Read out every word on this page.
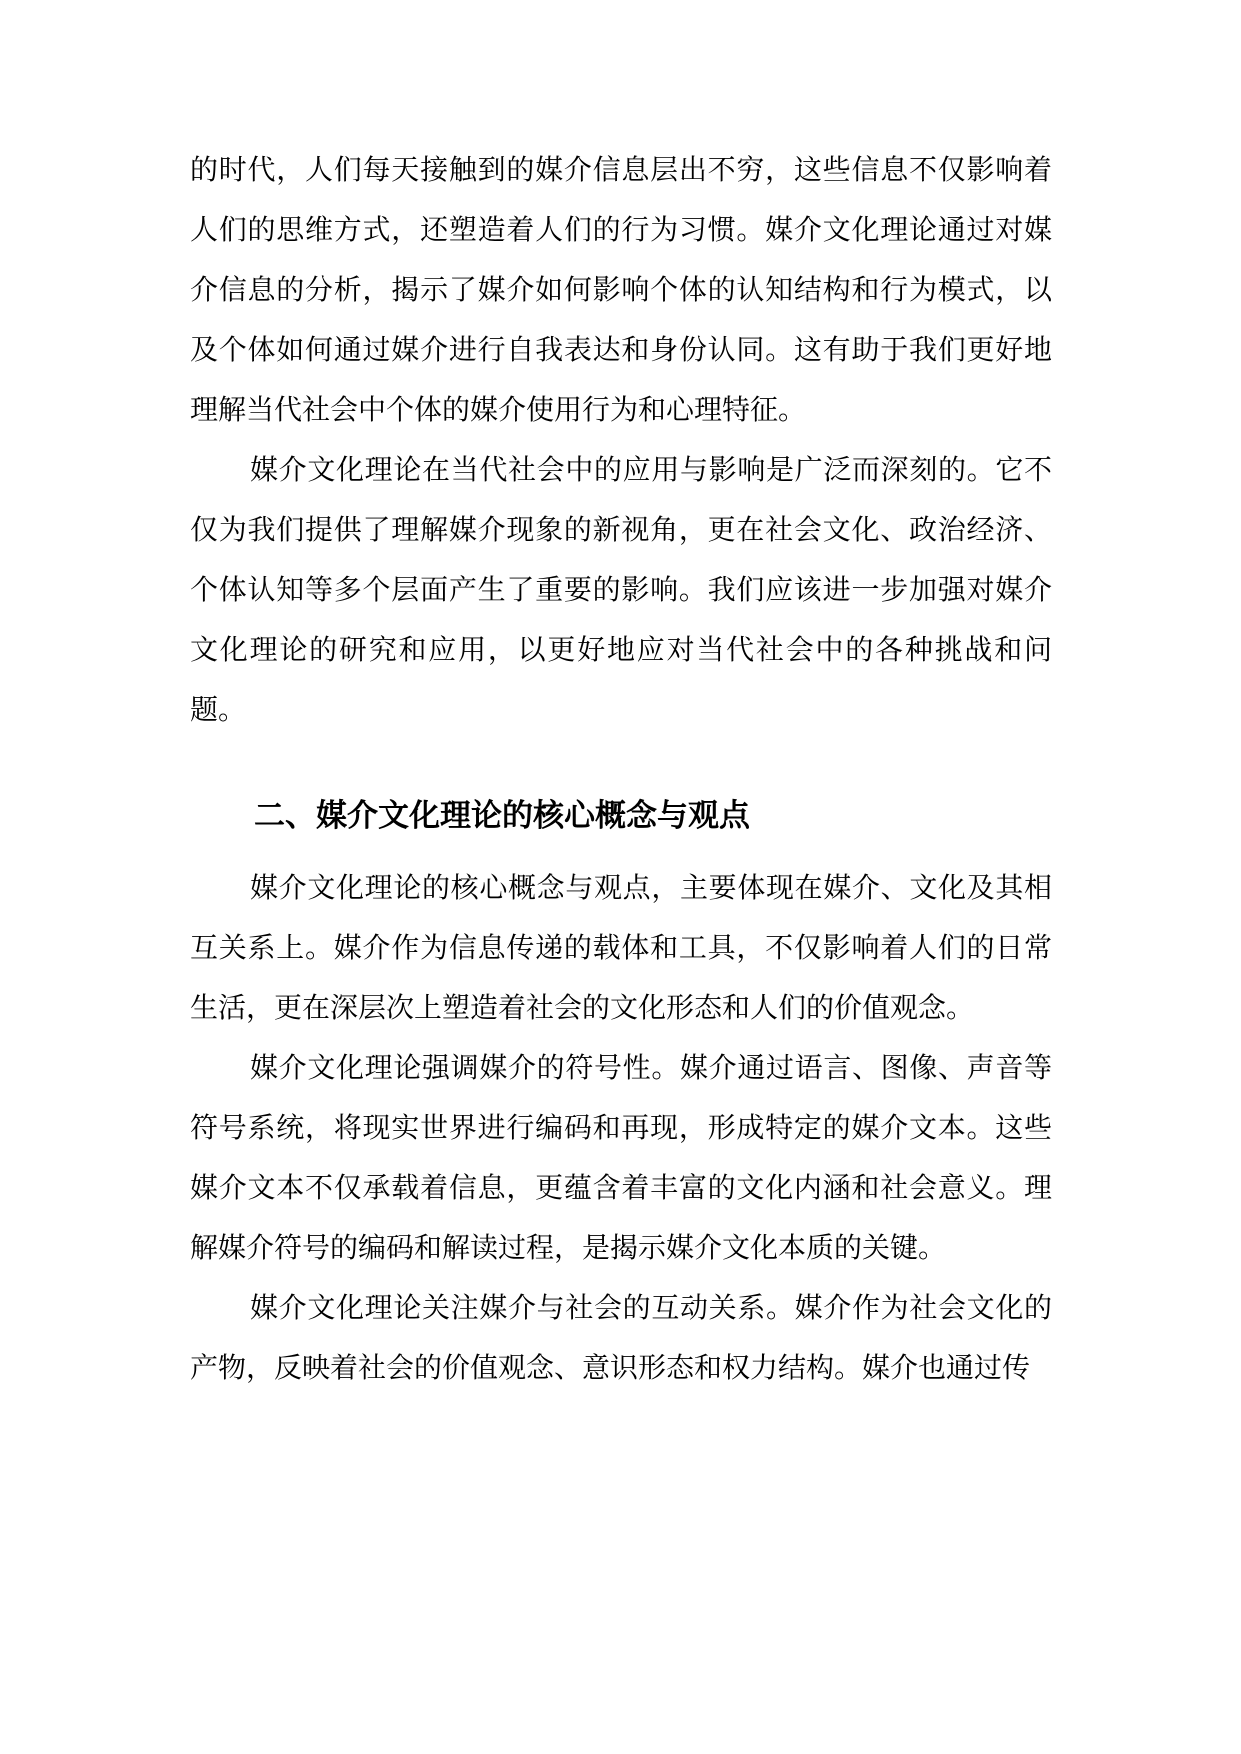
的时代，人们每天接触到的媒介信息层出不穷，这些信息不仅影响着人们的思维方式，还塑造着人们的行为习惯。媒介文化理论通过对媒介信息的分析，揭示了媒介如何影响个体的认知结构和行为模式，以及个体如何通过媒介进行自我表达和身份认同。这有助于我们更好地理解当代社会中个体的媒介使用行为和心理特征。

媒介文化理论在当代社会中的应用与影响是广泛而深刻的。它不仅为我们提供了理解媒介现象的新视角，更在社会文化、政治经济、个体认知等多个层面产生了重要的影响。我们应该进一步加强对媒介文化理论的研究和应用，以更好地应对当代社会中的各种挑战和问题。

二、媒介文化理论的核心概念与观点

媒介文化理论的核心概念与观点，主要体现在媒介、文化及其相互关系上。媒介作为信息传递的载体和工具，不仅影响着人们的日常生活，更在深层次上塑造着社会的文化形态和人们的价值观念。

媒介文化理论强调媒介的符号性。媒介通过语言、图像、声音等符号系统，将现实世界进行编码和再现，形成特定的媒介文本。这些媒介文本不仅承载着信息，更蕴含着丰富的文化内涵和社会意义。理解媒介符号的编码和解读过程，是揭示媒介文化本质的关键。

媒介文化理论关注媒介与社会的互动关系。媒介作为社会文化的产物，反映着社会的价值观念、意识形态和权力结构。媒介也通过传
